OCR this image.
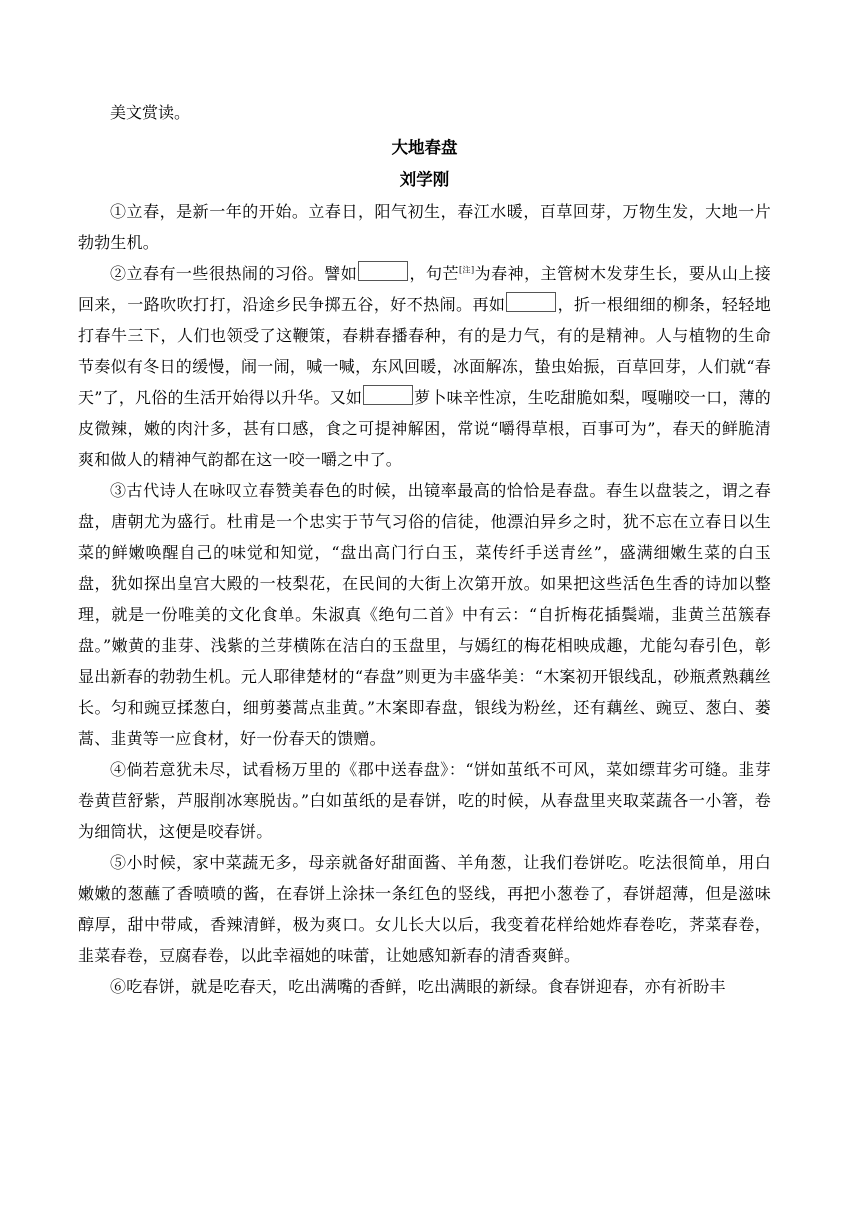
美文赏读。

大地春盘

刘学刚

①立春，是新一年的开始。立春日，阳气初生，春江水暖，百草回芽，万物生发，大地一片勃勃生机。

②立春有一些很热闹的习俗。譬如	，句芒[注]为春神，主管树木发芽生长，要从山上接回来，一路吹吹打打，沿途乡民争掷五谷，好不热闹。再如	，折一根细细的柳条，轻轻地打春牛三下，人们也领受了这鞭策，春耕春播春种，有的是力气，有的是精神。人与植物的生命节奏似有冬日的缓慢，闹一闹，喊一喊，东风回暖，冰面解冻，蛰虫始振，百草回芽，人们就“春天”了，凡俗的生活开始得以升华。又如	萝卜味辛性凉，生吃甜脆如梨，嘎嘣咬一口，薄的皮微辣，嫩的肉汁多，甚有口感，食之可提神解困，常说“嚼得草根，百事可为”，春天的鲜脆清爽和做人的精神气韵都在这一咬一嚼之中了。

③古代诗人在咏叹立春赞美春色的时候，出镜率最高的恰恰是春盘。春生以盘装之，谓之春盘，唐朝尤为盛行。杜甫是一个忠实于节气习俗的信徒，他漂泊异乡之时，犹不忘在立春日以生菜的鲜嫩唤醒自己的味觉和知觉，“盘出高门行白玉，菜传纤手送青丝”，盛满细嫩生菜的白玉盘，犹如探出皇宫大殿的一枝梨花，在民间的大街上次第开放。如果把这些活色生香的诗加以整理，就是一份唯美的文化食单。朱淑真《绝句二首》中有云：“自折梅花插鬓端，韭黄兰茁簇春盘。”嫩黄的韭芽、浅紫的兰芽横陈在洁白的玉盘里，与嫣红的梅花相映成趣，尤能勾春引色，彰显出新春的勃勃生机。元人耶律楚材的“春盘”则更为丰盛华美：“木案初开银线乱，砂瓶煮熟藕丝长。匀和豌豆揉葱白，细剪蒌蒿点韭黄。”木案即春盘，银线为粉丝，还有藕丝、豌豆、葱白、蒌蒿、韭黄等一应食材，好一份春天的馈赠。

④倘若意犹未尽，试看杨万里的《郡中送春盘》：“饼如茧纸不可风，菜如缥茸劣可缝。韭芽卷黄苣舒紫，芦服削冰寒脱齿。”白如茧纸的是春饼，吃的时候，从春盘里夹取菜蔬各一小箸，卷为细筒状，这便是咬春饼。

⑤小时候，家中菜蔬无多，母亲就备好甜面酱、羊角葱，让我们卷饼吃。吃法很简单，用白嫩嫩的葱蘸了香喷喷的酱，在春饼上涂抹一条红色的竖线，再把小葱卷了，春饼超薄，但是滋味醇厚，甜中带咸，香辣清鲜，极为爽口。女儿长大以后，我变着花样给她炸春卷吃，荠菜春卷，韭菜春卷，豆腐春卷，以此幸福她的味蕾，让她感知新春的清香爽鲜。

⑥吃春饼，就是吃春天，吃出满嘴的香鲜，吃出满眼的新绿。食春饼迎春，亦有祈盼丰
